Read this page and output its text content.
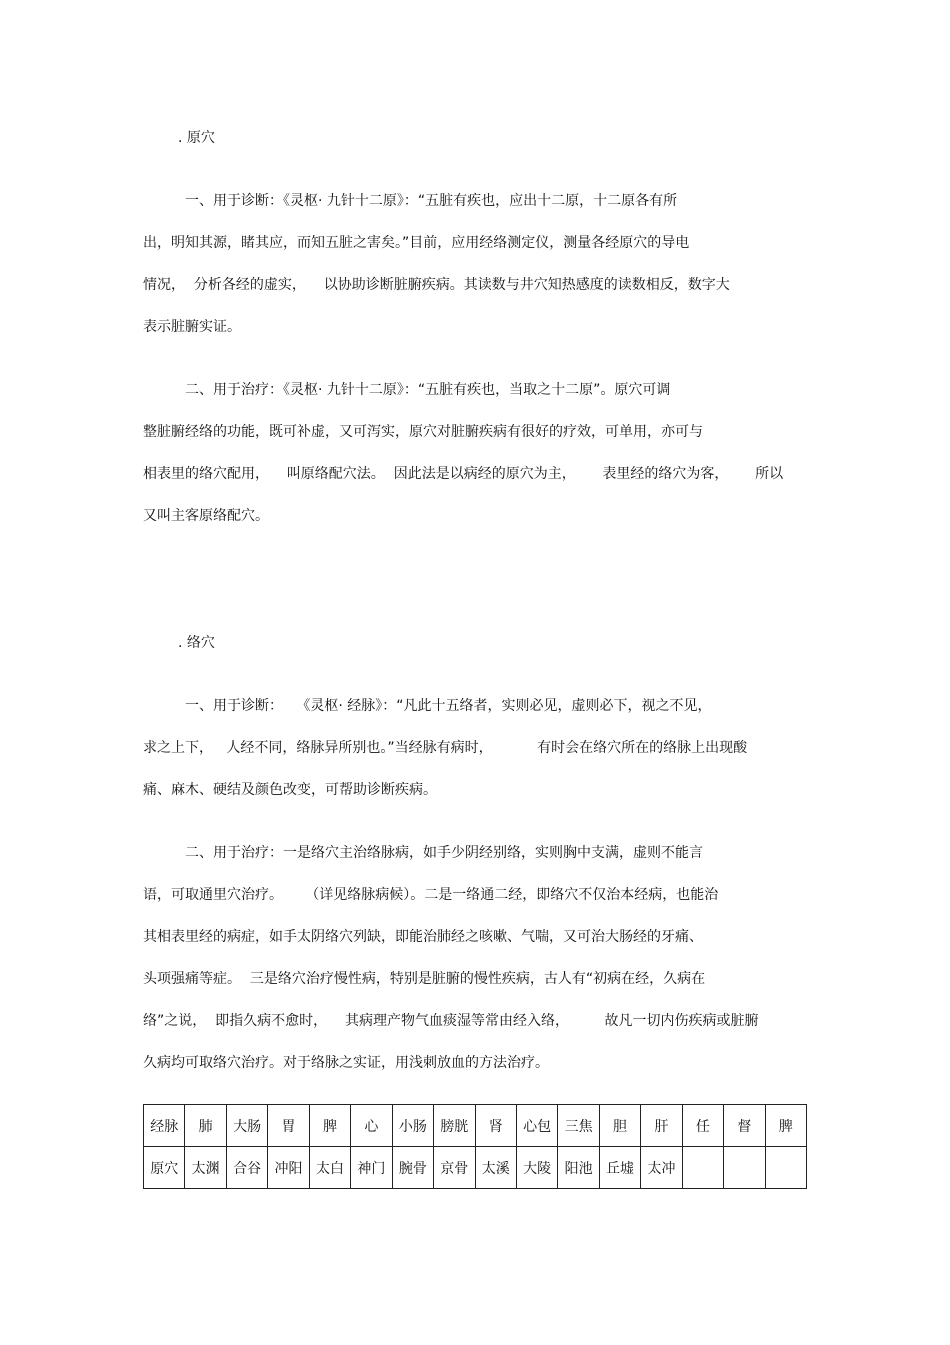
. 原穴
一、用于诊断：《灵枢· 九针十二原》：“五脏有疾也，应出十二原，十二原各有所
出，明知其源，睹其应，而知五脏之害矣。”目前，应用经络测定仪，测量各经原穴的导电
情况，  分析各经的虚实，    以协助诊断脏腑疾病。其读数与井穴知热感度的读数相反，数字大
表示脏腑实证。
二、用于治疗：《灵枢· 九针十二原》：“五脏有疾也，当取之十二原”。原穴可调
整脏腑经络的功能，既可补虚，又可泻实，原穴对脏腑疾病有很好的疗效，可单用，亦可与
相表里的络穴配用，    叫原络配穴法。  因此法是以病经的原穴为主，      表里经的络穴为客，      所以
又叫主客原络配穴。
. 络穴
一、用于诊断：   《灵枢· 经脉》：“凡此十五络者，实则必见，虚则必下，视之不见，
求之上下，   人经不同，络脉异所别也。”当经脉有病时，          有时会在络穴所在的络脉上出现酸
痛、麻木、硬结及颜色改变，可帮助诊断疾病。
二、用于治疗：一是络穴主治络脉病，如手少阴经别络，实则胸中支满，虚则不能言
语，可取通里穴治疗。     （详见络脉病候）。二是一络通二经，即络穴不仅治本经病，也能治
其相表里经的病症，如手太阴络穴列缺，即能治肺经之咳嗽、气喘，又可治大肠经的牙痛、
头项强痛等症。  三是络穴治疗慢性病，特别是脏腑的慢性疾病，古人有“初病在经，久病在
络”之说，  即指久病不愈时，    其病理产物气血痰湿等常由经入络，        故凡一切内伤疾病或脏腑
久病均可取络穴治疗。对于络脉之实证，用浅刺放血的方法治疗。
经脉	肺	大肠	胃	脾	心	小肠	膀胱	肾	心包	三焦	胆	肝	任	督	脾
原穴	太渊	合谷	冲阳	太白	神门	腕骨	京骨	太溪	大陵	阳池	丘墟	太冲			
